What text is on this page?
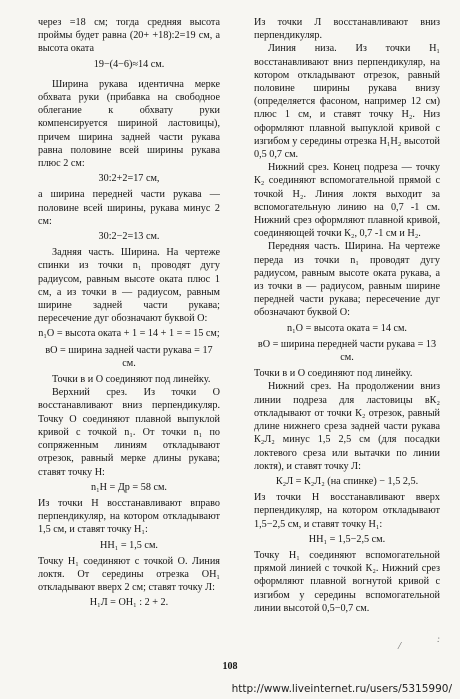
через =18 см; тогда средняя высота проймы будет равна (20+ +18):2=19 см, а высота оката

19−(4−6)≈14 см.

Ширина рукава идентична мерке обхвата руки (прибавка на свободное облегание к обхвату руки компенсируется шириной ластовицы), причем ширина задней части рукава равна половине всей ширины рукава плюс 2 см:

30:2+2=17 см,

а ширина передней части рукава — половине всей ширины, рукава минус 2 см:

30:2−2=13 см.

Задняя часть. Ширина. На чертеже спинки из точки n₁ проводят дугу радиусом, равным высоте оката плюс 1 см, а из точки в — радиусом, равным ширине задней части рукава; пересечение дуг обозначают буквой О:

n₁О = высота оката + 1 = 14 + 1 = = 15 см;

вО = ширина задней части рукава = 17 см.

Точки в и О соединяют под линейку.

Верхний срез. Из точки О восстанавливают вниз перпендикуляр. Точку О соединяют плавной выпуклой кривой с точкой n₁. От точки n₁ по сопряженным линиям откладывают отрезок, равный мерке длины рукава; ставят точку Н:

n₁Н = Др = 58 см.

Из точки Н восстанавливают вправо перпендикуляр, на котором откладывают 1,5 см, и ставят точку Н₁:

НН₁ = 1,5 см.

Точку Н₁ соединяют с точкой О. Линия локтя. От середины отрезка ОН₁ откладывают вверх 2 см; ставят точку Л:

Н₁Л = ОН₁ : 2 + 2.

Из точки Л восстанавливают вниз перпендикуляр.

Линия низа. Из точки Н₁ восстанавливают вниз перпендикуляр, на котором откладывают отрезок, равный половине ширины рукава внизу (определяется фасоном, например 12 см) плюс 1 см, и ставят точку Н₂. Низ оформляют плавной выпуклой кривой с изгибом у середины отрезка Н₁Н₂ высотой 0,5 0,7 см.

Нижний срез. Конец подреза — точку К₂ соединяют вспомогательной прямой с точкой Н₂. Линия локтя выходит за вспомогательную линию на 0,7 -1 см. Нижний срез оформляют плавной кривой, соединяющей точки К₂, 0,7 -1 см и Н₂.

Передняя часть. Ширина. На чертеже переда из точки n₁ проводят дугу радиусом, равным высоте оката рукава, а из точки в — радиусом, равным ширине передней части рукава; пересечение дуг обозначают буквой О:

n₁О = высота оката = 14 см.

вО = ширина передней части рукава = 13 см.

Точки в и О соединяют под линейку.

Нижний срез. На продолжении вниз линии подреза для ластовицы вК₂ откладывают от точки К₂ отрезок, равный длине нижнего среза задней части рукава К₂Л₂ минус 1,5 2,5 см (для посадки локтевого среза или вытачки по линии локтя), и ставят точку Л:

К₂Л = К₂Л₂ (на спинке) − 1,5 2,5.

Из точки Н восстанавливают вверх перпендикуляр, на котором откладывают 1,5−2,5 см, и ставят точку Н₁:

НН₁ = 1,5−2,5 см.

Точку Н₁ соединяют вспомогательной прямой линией с точкой К₂. Нижний срез оформляют плавной вогнутой кривой с изгибом у середины вспомогательной линии высотой 0,5−0,7 см.

108
/
:
http://www.liveinternet.ru/users/5315990/
